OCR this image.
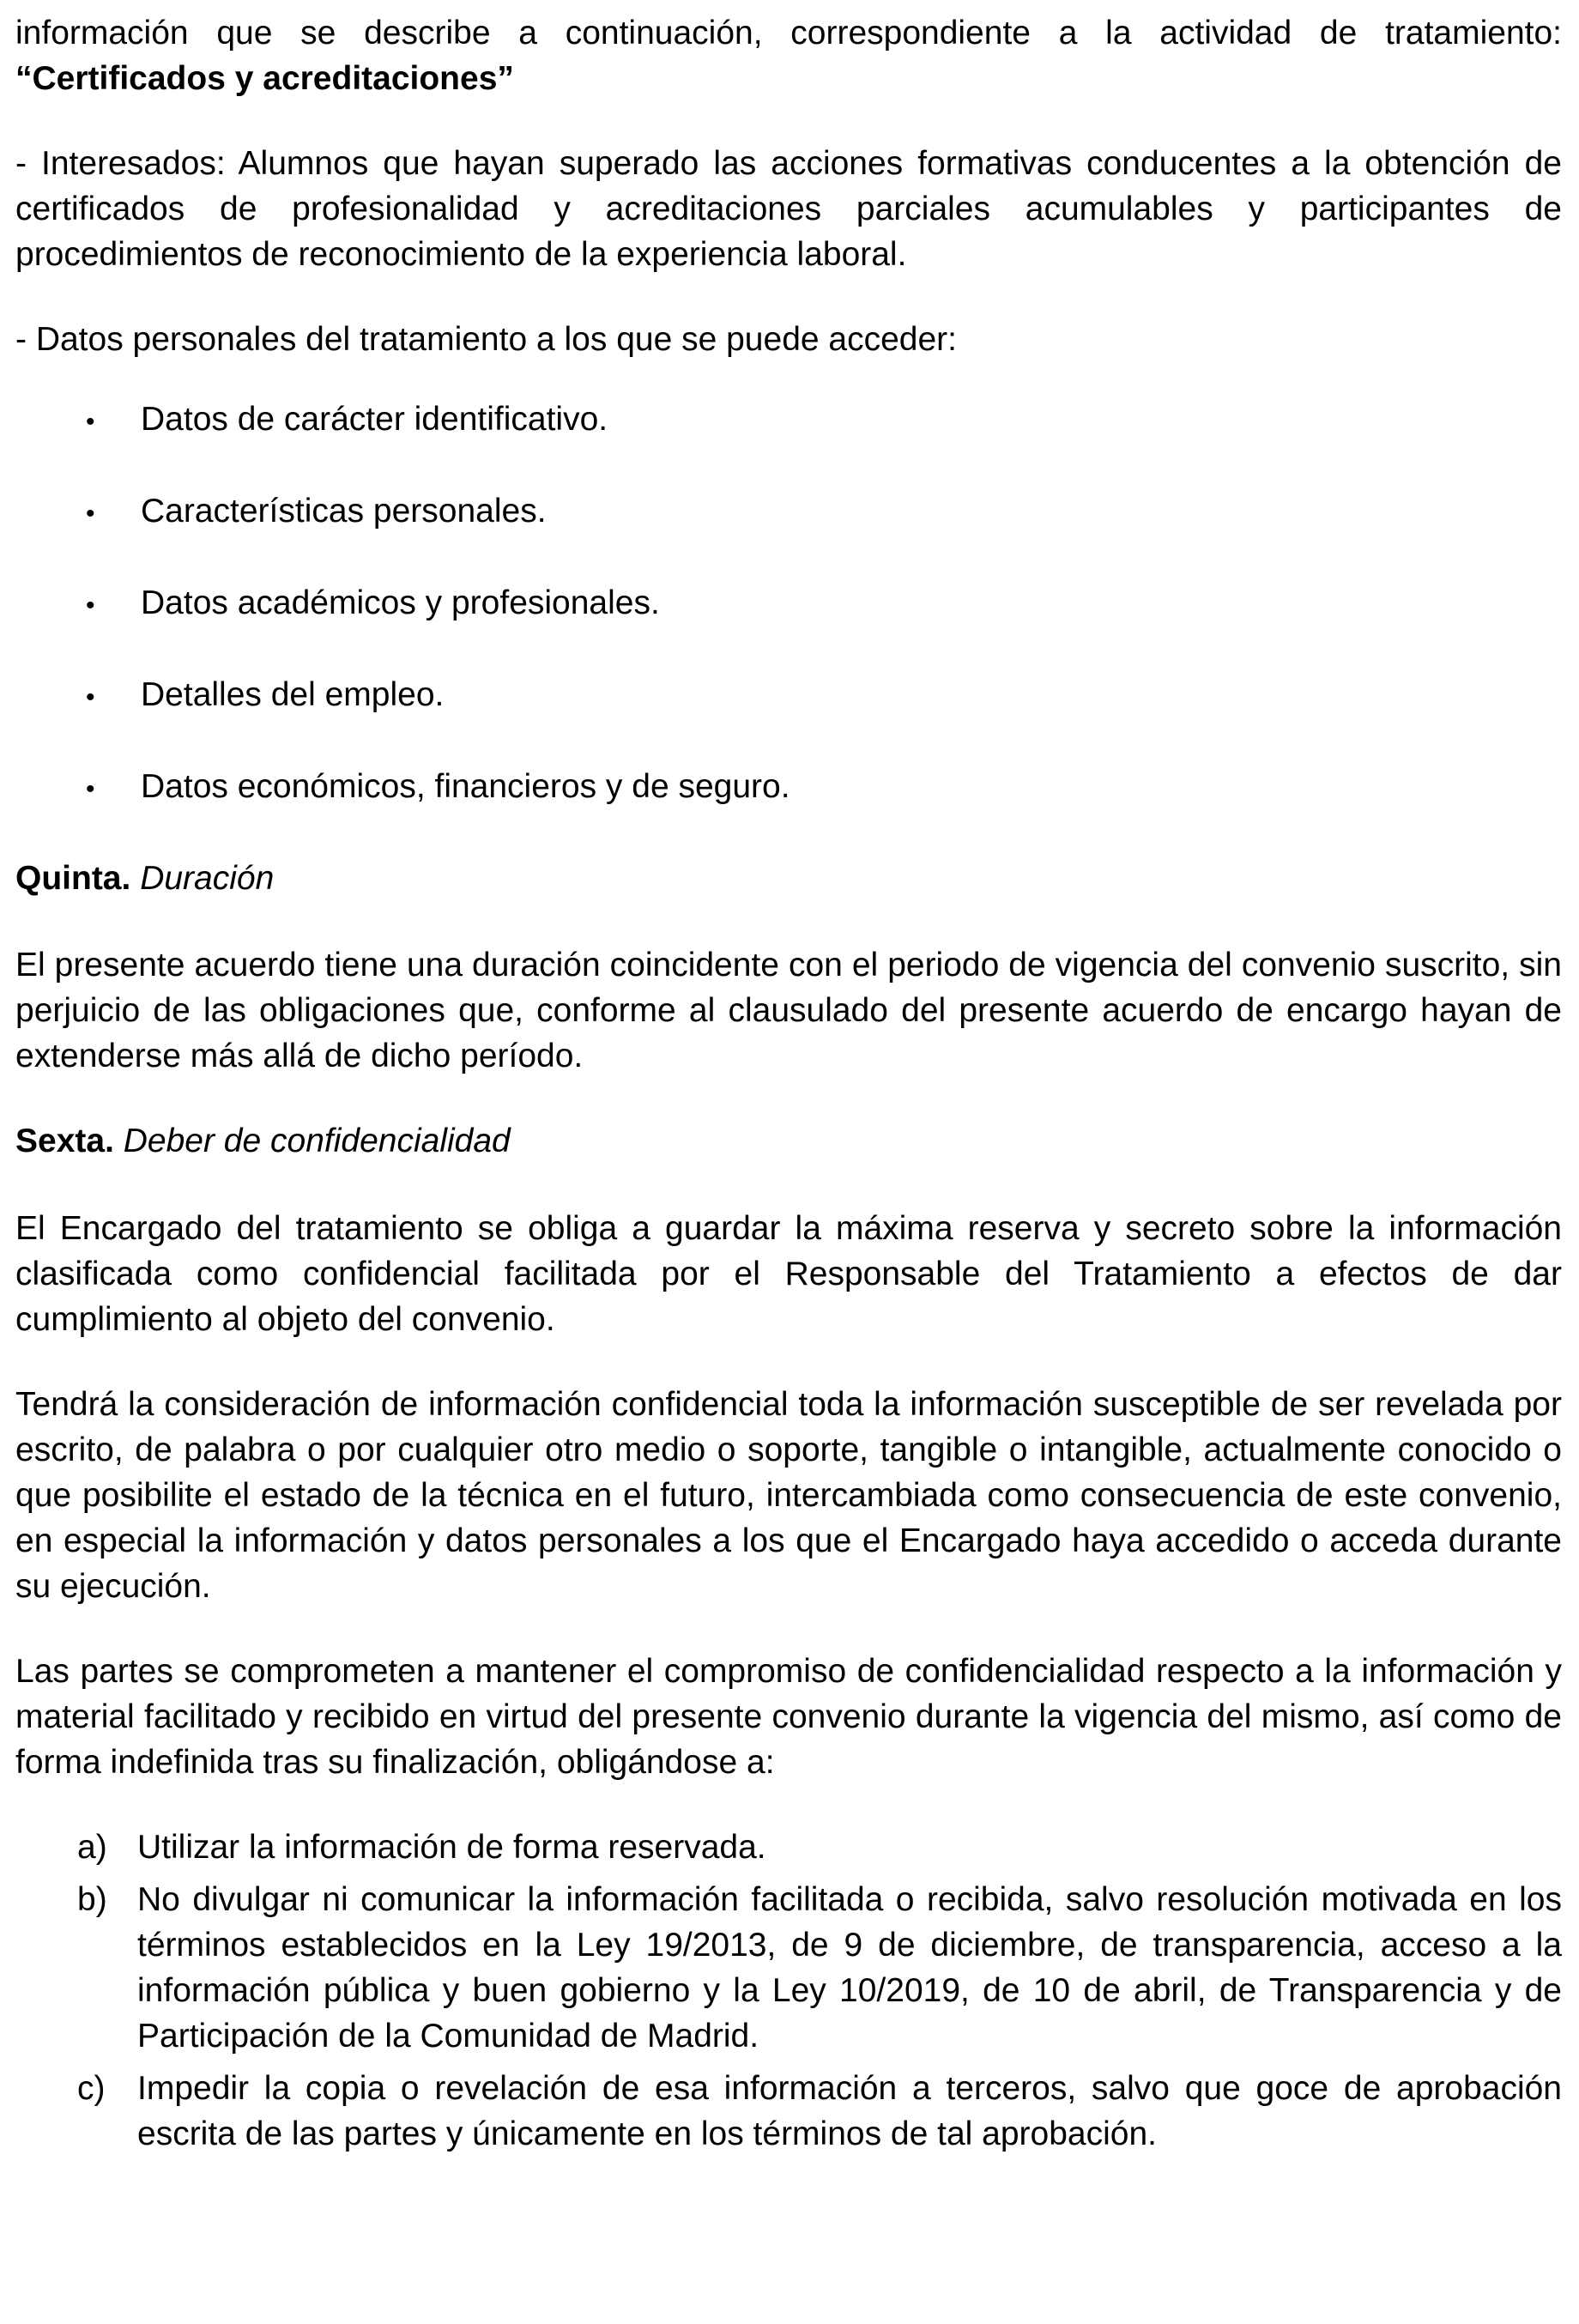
información que se describe a continuación, correspondiente a la actividad de tratamiento: “Certificados y acreditaciones”

- Interesados: Alumnos que hayan superado las acciones formativas conducentes a la obtención de certificados de profesionalidad y acreditaciones parciales acumulables y participantes de procedimientos de reconocimiento de la experiencia laboral.

- Datos personales del tratamiento a los que se puede acceder:

•	Datos de carácter identificativo.
•	Características personales.
•	Datos académicos y profesionales.
•	Detalles del empleo.
•	Datos económicos, financieros y de seguro.
Quinta. Duración

El presente acuerdo tiene una duración coincidente con el periodo de vigencia del convenio suscrito, sin perjuicio de las obligaciones que, conforme al clausulado del presente acuerdo de encargo hayan de extenderse más allá de dicho período.

Sexta. Deber de confidencialidad

El Encargado del tratamiento se obliga a guardar la máxima reserva y secreto sobre la información clasificada como confidencial facilitada por el Responsable del Tratamiento a efectos de dar cumplimiento al objeto del convenio.

Tendrá la consideración de información confidencial toda la información susceptible de ser revelada por escrito, de palabra o por cualquier otro medio o soporte, tangible o intangible, actualmente conocido o que posibilite el estado de la técnica en el futuro, intercambiada como consecuencia de este convenio, en especial la información y datos personales a los que el Encargado haya accedido o acceda durante su ejecución.

Las partes se comprometen a mantener el compromiso de confidencialidad respecto a la información y material facilitado y recibido en virtud del presente convenio durante la vigencia del mismo, así como de forma indefinida tras su finalización, obligándose a:

a) Utilizar la información de forma reservada.
b) No divulgar ni comunicar la información facilitada o recibida, salvo resolución motivada en los términos establecidos en la Ley 19/2013, de 9 de diciembre, de transparencia, acceso a la información pública y buen gobierno y la Ley 10/2019, de 10 de abril, de Transparencia y de Participación de la Comunidad de Madrid.
c) Impedir la copia o revelación de esa información a terceros, salvo que goce de aprobación escrita de las partes y únicamente en los términos de tal aprobación.
